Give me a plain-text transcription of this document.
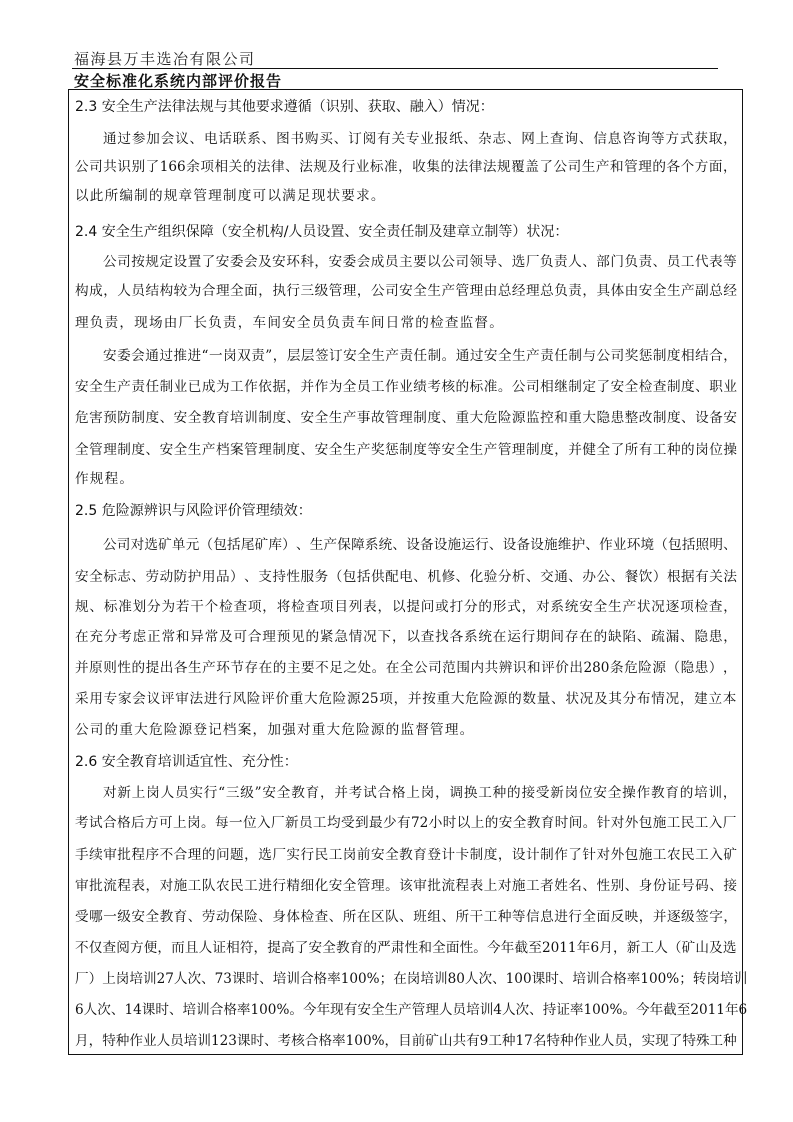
福海县万丰选冶有限公司
安全标准化系统内部评价报告
2.3 安全生产法律法规与其他要求遵循（识别、获取、融入）情况：
通 过 参 加 会 议 、 电 话 联 系 、 图 书 购 买 、 订 阅 有 关 专 业 报 纸 、 杂 志 、 网 上 查 询 、 信 息 咨 询 等 方 式 获 取 ，
公 司 共 识 别 了 166 余 项 相 关 的 法 律 、 法 规 及 行 业 标 准 ， 收 集 的 法 律 法 规 覆 盖 了 公 司 生 产 和 管 理 的 各 个 方 面 ，
以此所编制的规章管理制度可以满足现状要求。
2.4 安全生产组织保障（安全机构/人员设置、安全责任制及建章立制等）状况：
公 司 按 规 定 设 置 了 安 委 会 及 安 环 科 ， 安 委 会 成 员 主 要 以 公 司 领 导 、 选 厂 负 责 人 、 部 门 负 责 、 员 工 代 表 等
构 成 ， 人 员 结 构 较 为 合 理 全 面 ， 执 行 三 级 管 理 ， 公 司 安 全 生 产 管 理 由 总 经 理 总 负 责 ， 具 体 由 安 全 生 产 副 总 经
理负责，现场由厂长负责，车间安全员负责车间日常的检查监督。
安 委 会 通 过 推 进 “ 一 岗 双 责 ” ， 层 层 签 订 安 全 生 产 责 任 制 。 通 过 安 全 生 产 责 任 制 与 公 司 奖 惩 制 度 相 结 合 ，
安 全 生 产 责 任 制 业 已 成 为 工 作 依 据 ， 并 作 为 全 员 工 作 业 绩 考 核 的 标 准 。 公 司 相 继 制 定 了 安 全 检 查 制 度 、 职 业
危 害 预 防 制 度 、 安 全 教 育 培 训 制 度 、 安 全 生 产 事 故 管 理 制 度 、 重 大 危 险 源 监 控 和 重 大 隐 患 整 改 制 度 、 设 备 安
全 管 理 制 度 、 安 全 生 产 档 案 管 理 制 度 、 安 全 生 产 奖 惩 制 度 等 安 全 生 产 管 理 制 度 ， 并 健 全 了 所 有 工 种 的 岗 位 操
作规程。
2.5 危险源辨识与风险评价管理绩效：
公 司 对 选 矿 单 元 （ 包 括 尾 矿 库 ） 、 生 产 保 障 系 统 、 设 备 设 施 运 行 、 设 备 设 施 维 护 、 作 业 环 境 （ 包 括 照 明 、
安 全 标 志 、 劳 动 防 护 用 品 ） 、 支 持 性 服 务 （ 包 括 供 配 电 、 机 修 、 化 验 分 析 、 交 通 、 办 公 、 餐 饮 ） 根 据 有 关 法
规 、 标 准 划 分 为 若 干 个 检 查 项 ， 将 检 查 项 目 列 表 ， 以 提 问 或 打 分 的 形 式 ， 对 系 统 安 全 生 产 状 况 逐 项 检 查 ，
在 充 分 考 虑 正 常 和 异 常 及 可 合 理 预 见 的 紧 急 情 况 下 ， 以 查 找 各 系 统 在 运 行 期 间 存 在 的 缺 陷 、 疏 漏 、 隐 患 ，
并 原 则 性 的 提 出 各 生 产 环 节 存 在 的 主 要 不 足 之 处 。 在 全 公 司 范 围 内 共 辨 识 和 评 价 出 280 条 危 险 源 （ 隐 患 ） ，
采 用 专 家 会 议 评 审 法 进 行 风 险 评 价 重 大 危 险 源 25 项 ， 并 按 重 大 危 险 源 的 数 量 、 状 况 及 其 分 布 情 况 ， 建 立 本
公司的重大危险源登记档案，加强对重大危险源的监督管理。
2.6 安全教育培训适宜性、充分性：
对 新 上 岗 人 员 实 行 “ 三 级 ” 安 全 教 育 ， 并 考 试 合 格 上 岗 ， 调 换 工 种 的 接 受 新 岗 位 安 全 操 作 教 育 的 培 训 ，
考 试 合 格 后 方 可 上 岗 。 每 一 位 入 厂 新 员 工 均 受 到 最 少 有 72 小 时 以 上 的 安 全 教 育 时 间 。 针 对 外 包 施 工 民 工 入 厂
手 续 审 批 程 序 不 合 理 的 问 题 ， 选 厂 实 行 民 工 岗 前 安 全 教 育 登 计 卡 制 度 ， 设 计 制 作 了 针 对 外 包 施 工 农 民 工 入 矿
审 批 流 程 表 ， 对 施 工 队 农 民 工 进 行 精 细 化 安 全 管 理 。 该 审 批 流 程 表 上 对 施 工 者 姓 名 、 性 别 、 身 份 证 号 码 、 接
受 哪 一 级 安 全 教 育 、 劳 动 保 险 、 身 体 检 查 、 所 在 区 队 、 班 组 、 所 干 工 种 等 信 息 进 行 全 面 反 映 ， 并 逐 级 签 字 ，
不 仅 查 阅 方 便 ， 而 且 人 证 相 符 ， 提 高 了 安 全 教 育 的 严 肃 性 和 全 面 性 。 今 年 截 至 2011 年 6 月 ， 新 工 人 （ 矿 山 及 选
厂 ） 上 岗 培 训 27 人 次 、 73 课 时 、 培 训 合 格 率 100% ； 在 岗 培 训 80 人 次 、 100 课 时 、 培 训 合 格 率 100% ； 转 岗 培 训
6 人 次 、 14 课 时 、 培 训 合 格 率 100% 。 今 年 现 有 安 全 生 产 管 理 人 员 培 训 4 人 次 、 持 证 率 100% 。 今 年 截 至 2011 年 6
月 ， 特 种 作 业 人 员 培 训 123 课 时 、 考 核 合 格 率 100% ， 目 前 矿 山 共 有 9 工 种 17 名 特 种 作 业 人 员 ， 实 现 了 特 殊 工 种
